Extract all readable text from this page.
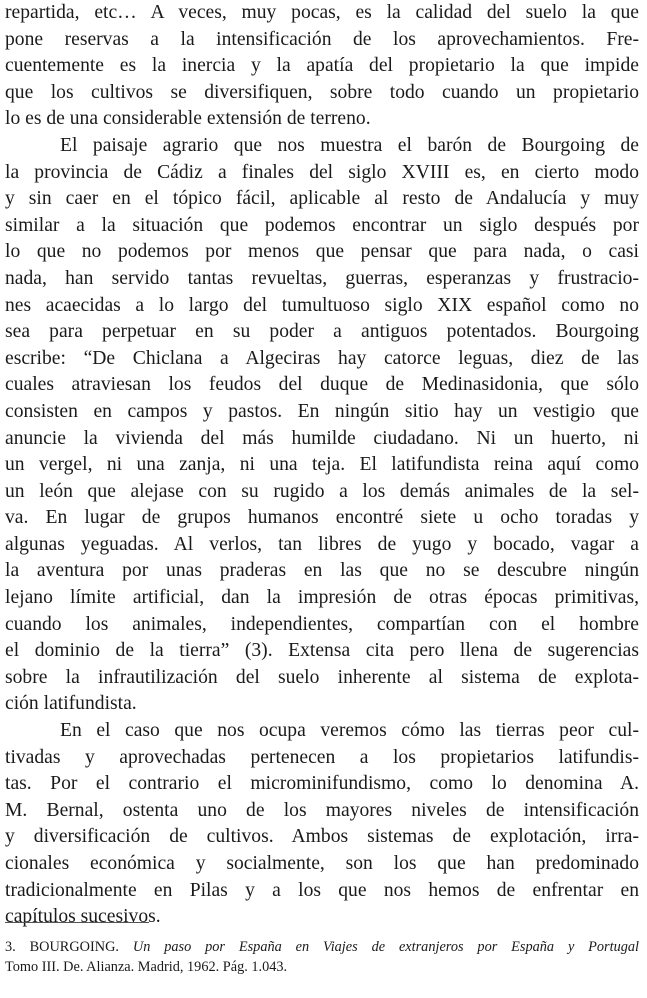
repartida, etc… A veces, muy pocas, es la calidad del suelo la que
pone reservas a la intensificación de los aprovechamientos. Fre-
cuentemente es la inercia y la apatía del propietario la que impide
que los cultivos se diversifiquen, sobre todo cuando un propietario
lo es de una considerable extensión de terreno.
El paisaje agrario que nos muestra el barón de Bourgoing de
la provincia de Cádiz a finales del siglo XVIII es, en cierto modo
y sin caer en el tópico fácil, aplicable al resto de Andalucía y muy
similar a la situación que podemos encontrar un siglo después por
lo que no podemos por menos que pensar que para nada, o casi
nada, han servido tantas revueltas, guerras, esperanzas y frustracio-
nes acaecidas a lo largo del tumultuoso siglo XIX español como no
sea para perpetuar en su poder a antiguos potentados. Bourgoing
escribe: “De Chiclana a Algeciras hay catorce leguas, diez de las
cuales atraviesan los feudos del duque de Medinasidonia, que sólo
consisten en campos y pastos. En ningún sitio hay un vestigio que
anuncie la vivienda del más humilde ciudadano. Ni un huerto, ni
un vergel, ni una zanja, ni una teja. El latifundista reina aquí como
un león que alejase con su rugido a los demás animales de la sel-
va. En lugar de grupos humanos encontré siete u ocho toradas y
algunas yeguadas. Al verlos, tan libres de yugo y bocado, vagar a
la aventura por unas praderas en las que no se descubre ningún
lejano límite artificial, dan la impresión de otras épocas primitivas,
cuando los animales, independientes, compartían con el hombre
el dominio de la tierra” (3). Extensa cita pero llena de sugerencias
sobre la infrautilización del suelo inherente al sistema de explota-
ción latifundista.
En el caso que nos ocupa veremos cómo las tierras peor cul-
tivadas y aprovechadas pertenecen a los propietarios latifundis-
tas. Por el contrario el microminifundismo, como lo denomina A.
M. Bernal, ostenta uno de los mayores niveles de intensificación
y diversificación de cultivos. Ambos sistemas de explotación, irra-
cionales económica y socialmente, son los que han predominado
tradicionalmente en Pilas y a los que nos hemos de enfrentar en
capítulos sucesivos.
3. BOURGOING. Un paso por España en Viajes de extranjeros por España y Portugal
Tomo III. De. Alianza. Madrid, 1962. Pág. 1.043.
